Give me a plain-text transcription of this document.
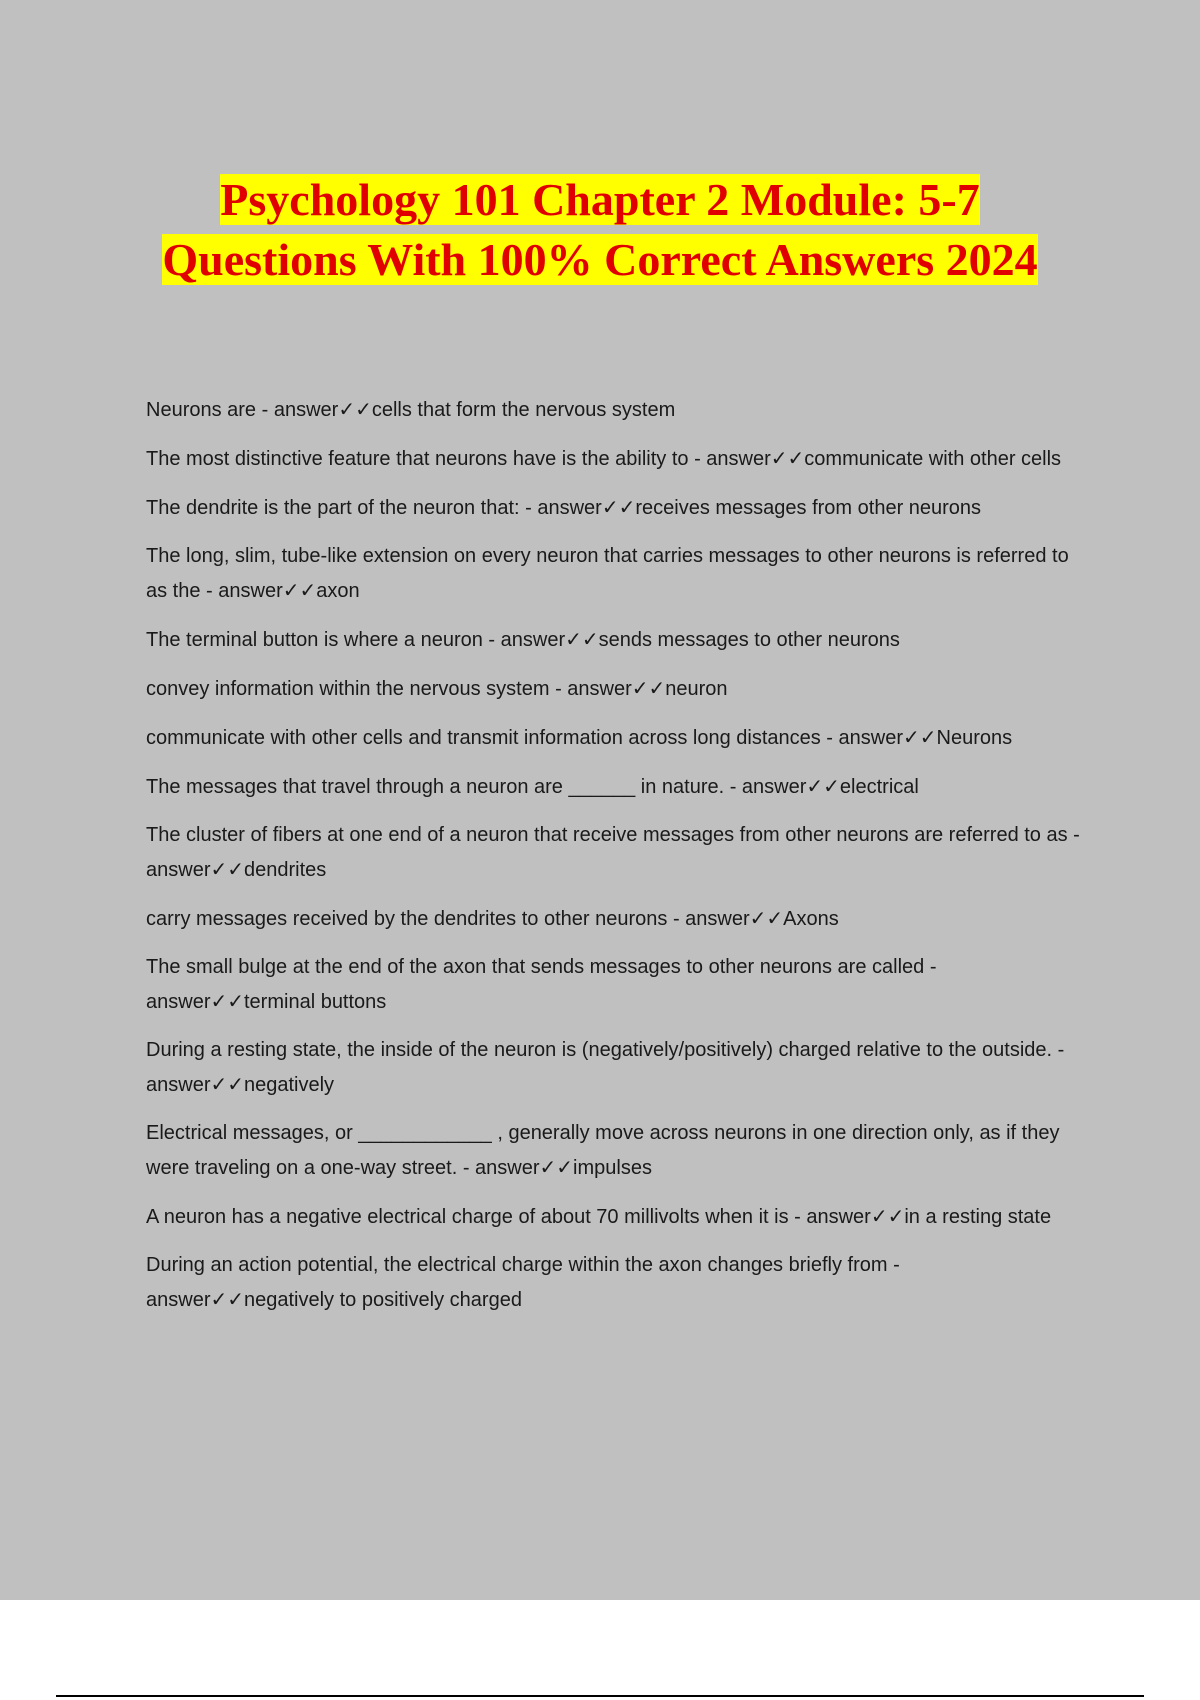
Psychology 101 Chapter 2 Module: 5-7
Questions With 100% Correct Answers 2024

Neurons are - answer✓✓cells that form the nervous system

The most distinctive feature that neurons have is the ability to - answer✓✓communicate with other cells

The dendrite is the part of the neuron that: - answer✓✓receives messages from other neurons

The long, slim, tube-like extension on every neuron that carries messages to other neurons is referred to as the - answer✓✓axon

The terminal button is where a neuron - answer✓✓sends messages to other neurons

convey information within the nervous system - answer✓✓neuron

communicate with other cells and transmit information across long distances - answer✓✓Neurons

The messages that travel through a neuron are ______ in nature. - answer✓✓electrical

The cluster of fibers at one end of a neuron that receive messages from other neurons are referred to as - answer✓✓dendrites

carry messages received by the dendrites to other neurons - answer✓✓Axons

The small bulge at the end of the axon that sends messages to other neurons are called - answer✓✓terminal buttons

During a resting state, the inside of the neuron is (negatively/positively) charged relative to the outside. - answer✓✓negatively

Electrical messages, or ____________ , generally move across neurons in one direction only, as if they were traveling on a one-way street. - answer✓✓impulses

A neuron has a negative electrical charge of about 70 millivolts when it is - answer✓✓in a resting state

During an action potential, the electrical charge within the axon changes briefly from - answer✓✓negatively to positively charged
